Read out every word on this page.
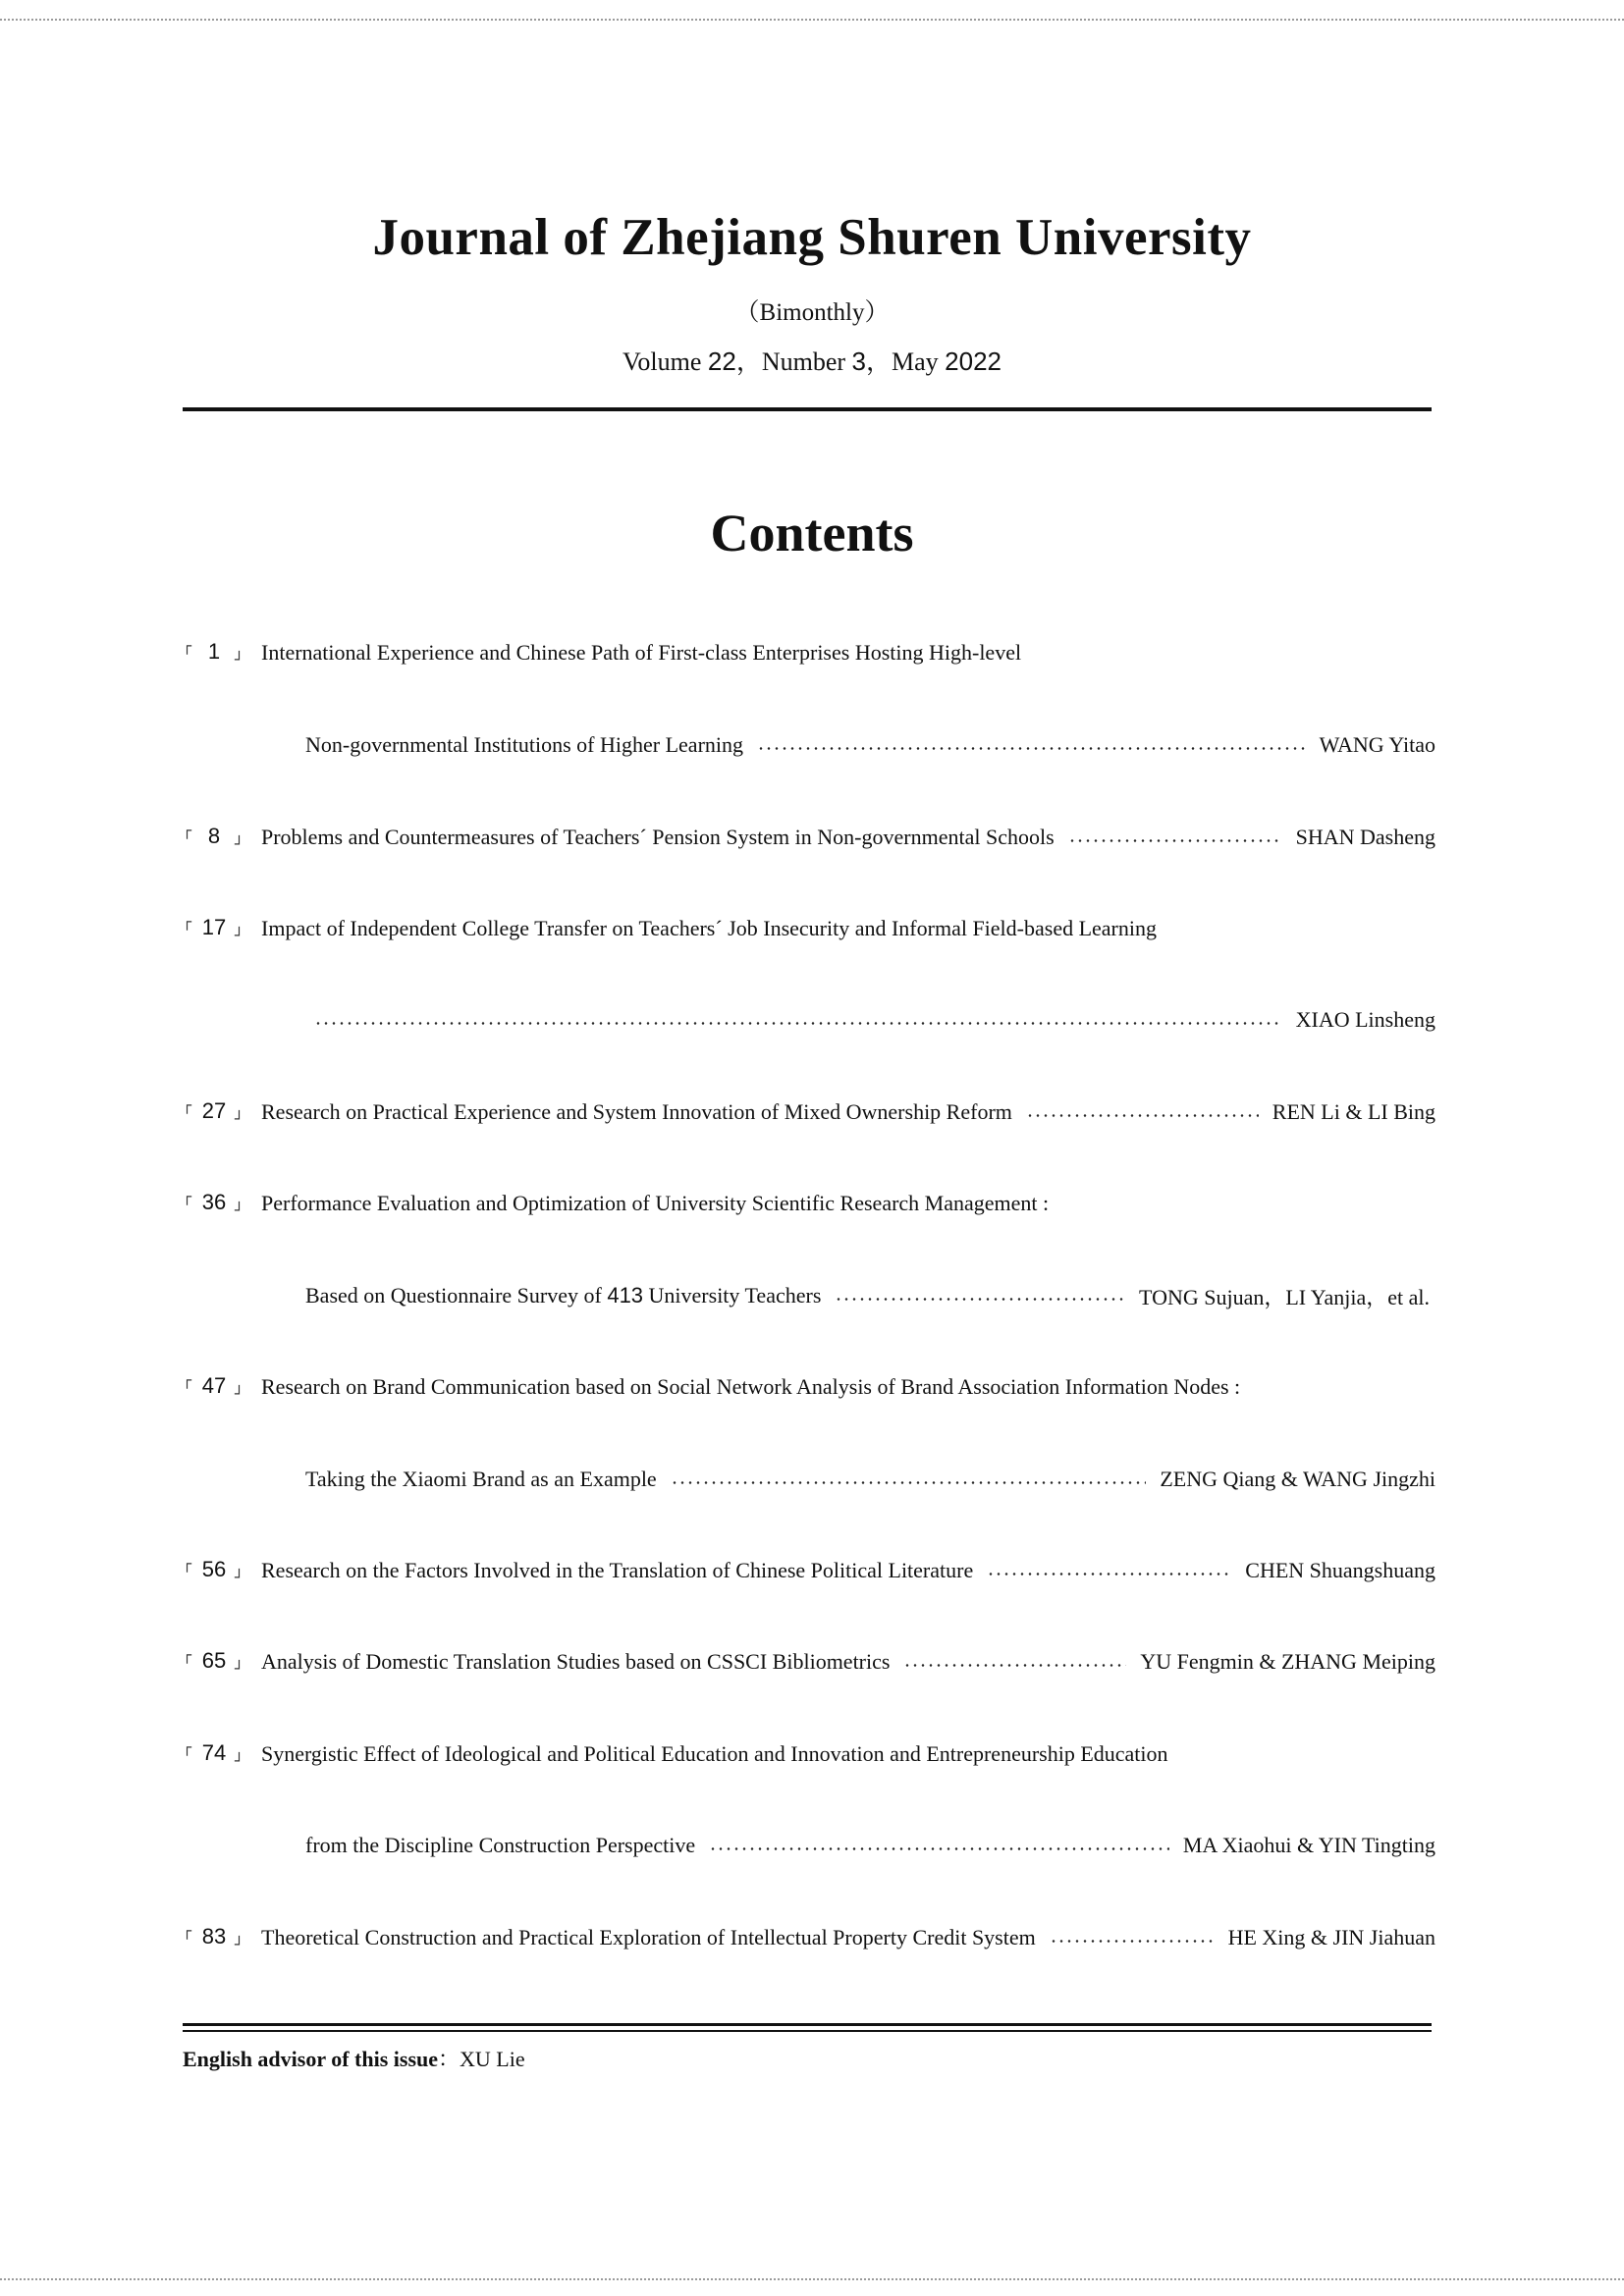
Journal of Zhejiang Shuren University
（Bimonthly）
Volume 22，Number 3，May 2022
Contents
┌ 1 $_┘$ International Experience and Chinese Path of First-class Enterprises Hosting High-level
Non-governmental Institutions of Higher Learning	WANG Yitao
┌ 8 $_┘$ Problems and Countermeasures of Teachers´ Pension System in Non-governmental Schools	SHAN Dasheng
┌ 17 $_┘$ Impact of Independent College Transfer on Teachers´ Job Insecurity and Informal Field-based Learning
XIAO Linsheng
┌ 27 $_┘$ Research on Practical Experience and System Innovation of Mixed Ownership Reform	REN Li & LI Bing
┌ 36 $_┘$ Performance Evaluation and Optimization of University Scientific Research Management :
Based on Questionnaire Survey of 413 University Teachers	TONG Sujuan，LI Yanjia，et al.
┌ 47 $_┘$ Research on Brand Communication based on Social Network Analysis of Brand Association Information Nodes :
Taking the Xiaomi Brand as an Example	ZENG Qiang & WANG Jingzhi
┌ 56 $_┘$ Research on the Factors Involved in the Translation of Chinese Political Literature	CHEN Shuangshuang
┌ 65 $_┘$ Analysis of Domestic Translation Studies based on CSSCI Bibliometrics	YU Fengmin & ZHANG Meiping
┌ 74 $_┘$ Synergistic Effect of Ideological and Political Education and Innovation and Entrepreneurship Education
from the Discipline Construction Perspective	MA Xiaohui & YIN Tingting
┌ 83 $_┘$ Theoretical Construction and Practical Exploration of Intellectual Property Credit System	HE Xing & JIN Jiahuan
English advisor of this issue：XU Lie
